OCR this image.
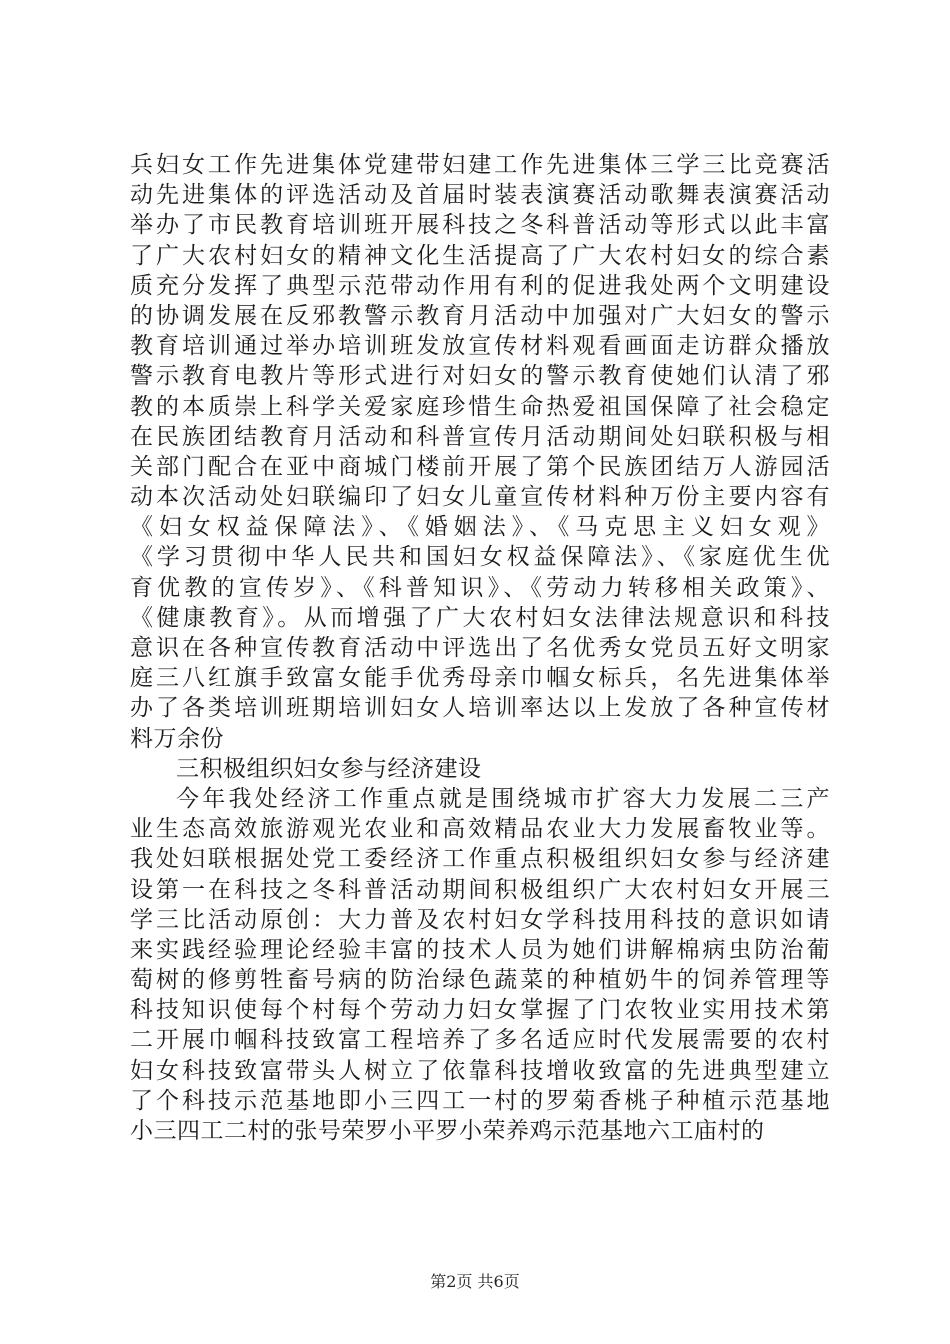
兵妇女工作先进集体党建带妇建工作先进集体三学三比竞赛活
动先进集体的评选活动及首届时装表演赛活动歌舞表演赛活动
举办了市民教育培训班开展科技之冬科普活动等形式以此丰富
了广大农村妇女的精神文化生活提高了广大农村妇女的综合素
质充分发挥了典型示范带动作用有利的促进我处两个文明建设
的协调发展在反邪教警示教育月活动中加强对广大妇女的警示
教育培训通过举办培训班发放宣传材料观看画面走访群众播放
警示教育电教片等形式进行对妇女的警示教育使她们认清了邪
教的本质崇上科学关爱家庭珍惜生命热爱祖国保障了社会稳定
在民族团结教育月活动和科普宣传月活动期间处妇联积极与相
关部门配合在亚中商城门楼前开展了第个民族团结万人游园活
动本次活动处妇联编印了妇女儿童宣传材料种万份主要内容有
《妇女权益保障法》、《婚姻法》、《马克思主义妇女观》
《学习贯彻中华人民共和国妇女权益保障法》、《家庭优生优
育优教的宣传岁》、《科普知识》、《劳动力转移相关政策》、
《健康教育》。从而增强了广大农村妇女法律法规意识和科技
意识在各种宣传教育活动中评选出了名优秀女党员五好文明家
庭三八红旗手致富女能手优秀母亲巾帼女标兵，名先进集体举
办了各类培训班期培训妇女人培训率达以上发放了各种宣传材
料万余份
三积极组织妇女参与经济建设
今年我处经济工作重点就是围绕城市扩容大力发展二三产
业生态高效旅游观光农业和高效精品农业大力发展畜牧业等。
我处妇联根据处党工委经济工作重点积极组织妇女参与经济建
设第一在科技之冬科普活动期间积极组织广大农村妇女开展三
学三比活动原创：大力普及农村妇女学科技用科技的意识如请
来实践经验理论经验丰富的技术人员为她们讲解棉病虫防治葡
萄树的修剪牲畜号病的防治绿色蔬菜的种植奶牛的饲养管理等
科技知识使每个村每个劳动力妇女掌握了门农牧业实用技术第
二开展巾帼科技致富工程培养了多名适应时代发展需要的农村
妇女科技致富带头人树立了依靠科技增收致富的先进典型建立
了个科技示范基地即小三四工一村的罗菊香桃子种植示范基地
小三四工二村的张号荣罗小平罗小荣养鸡示范基地六工庙村的
第2页 共6页
